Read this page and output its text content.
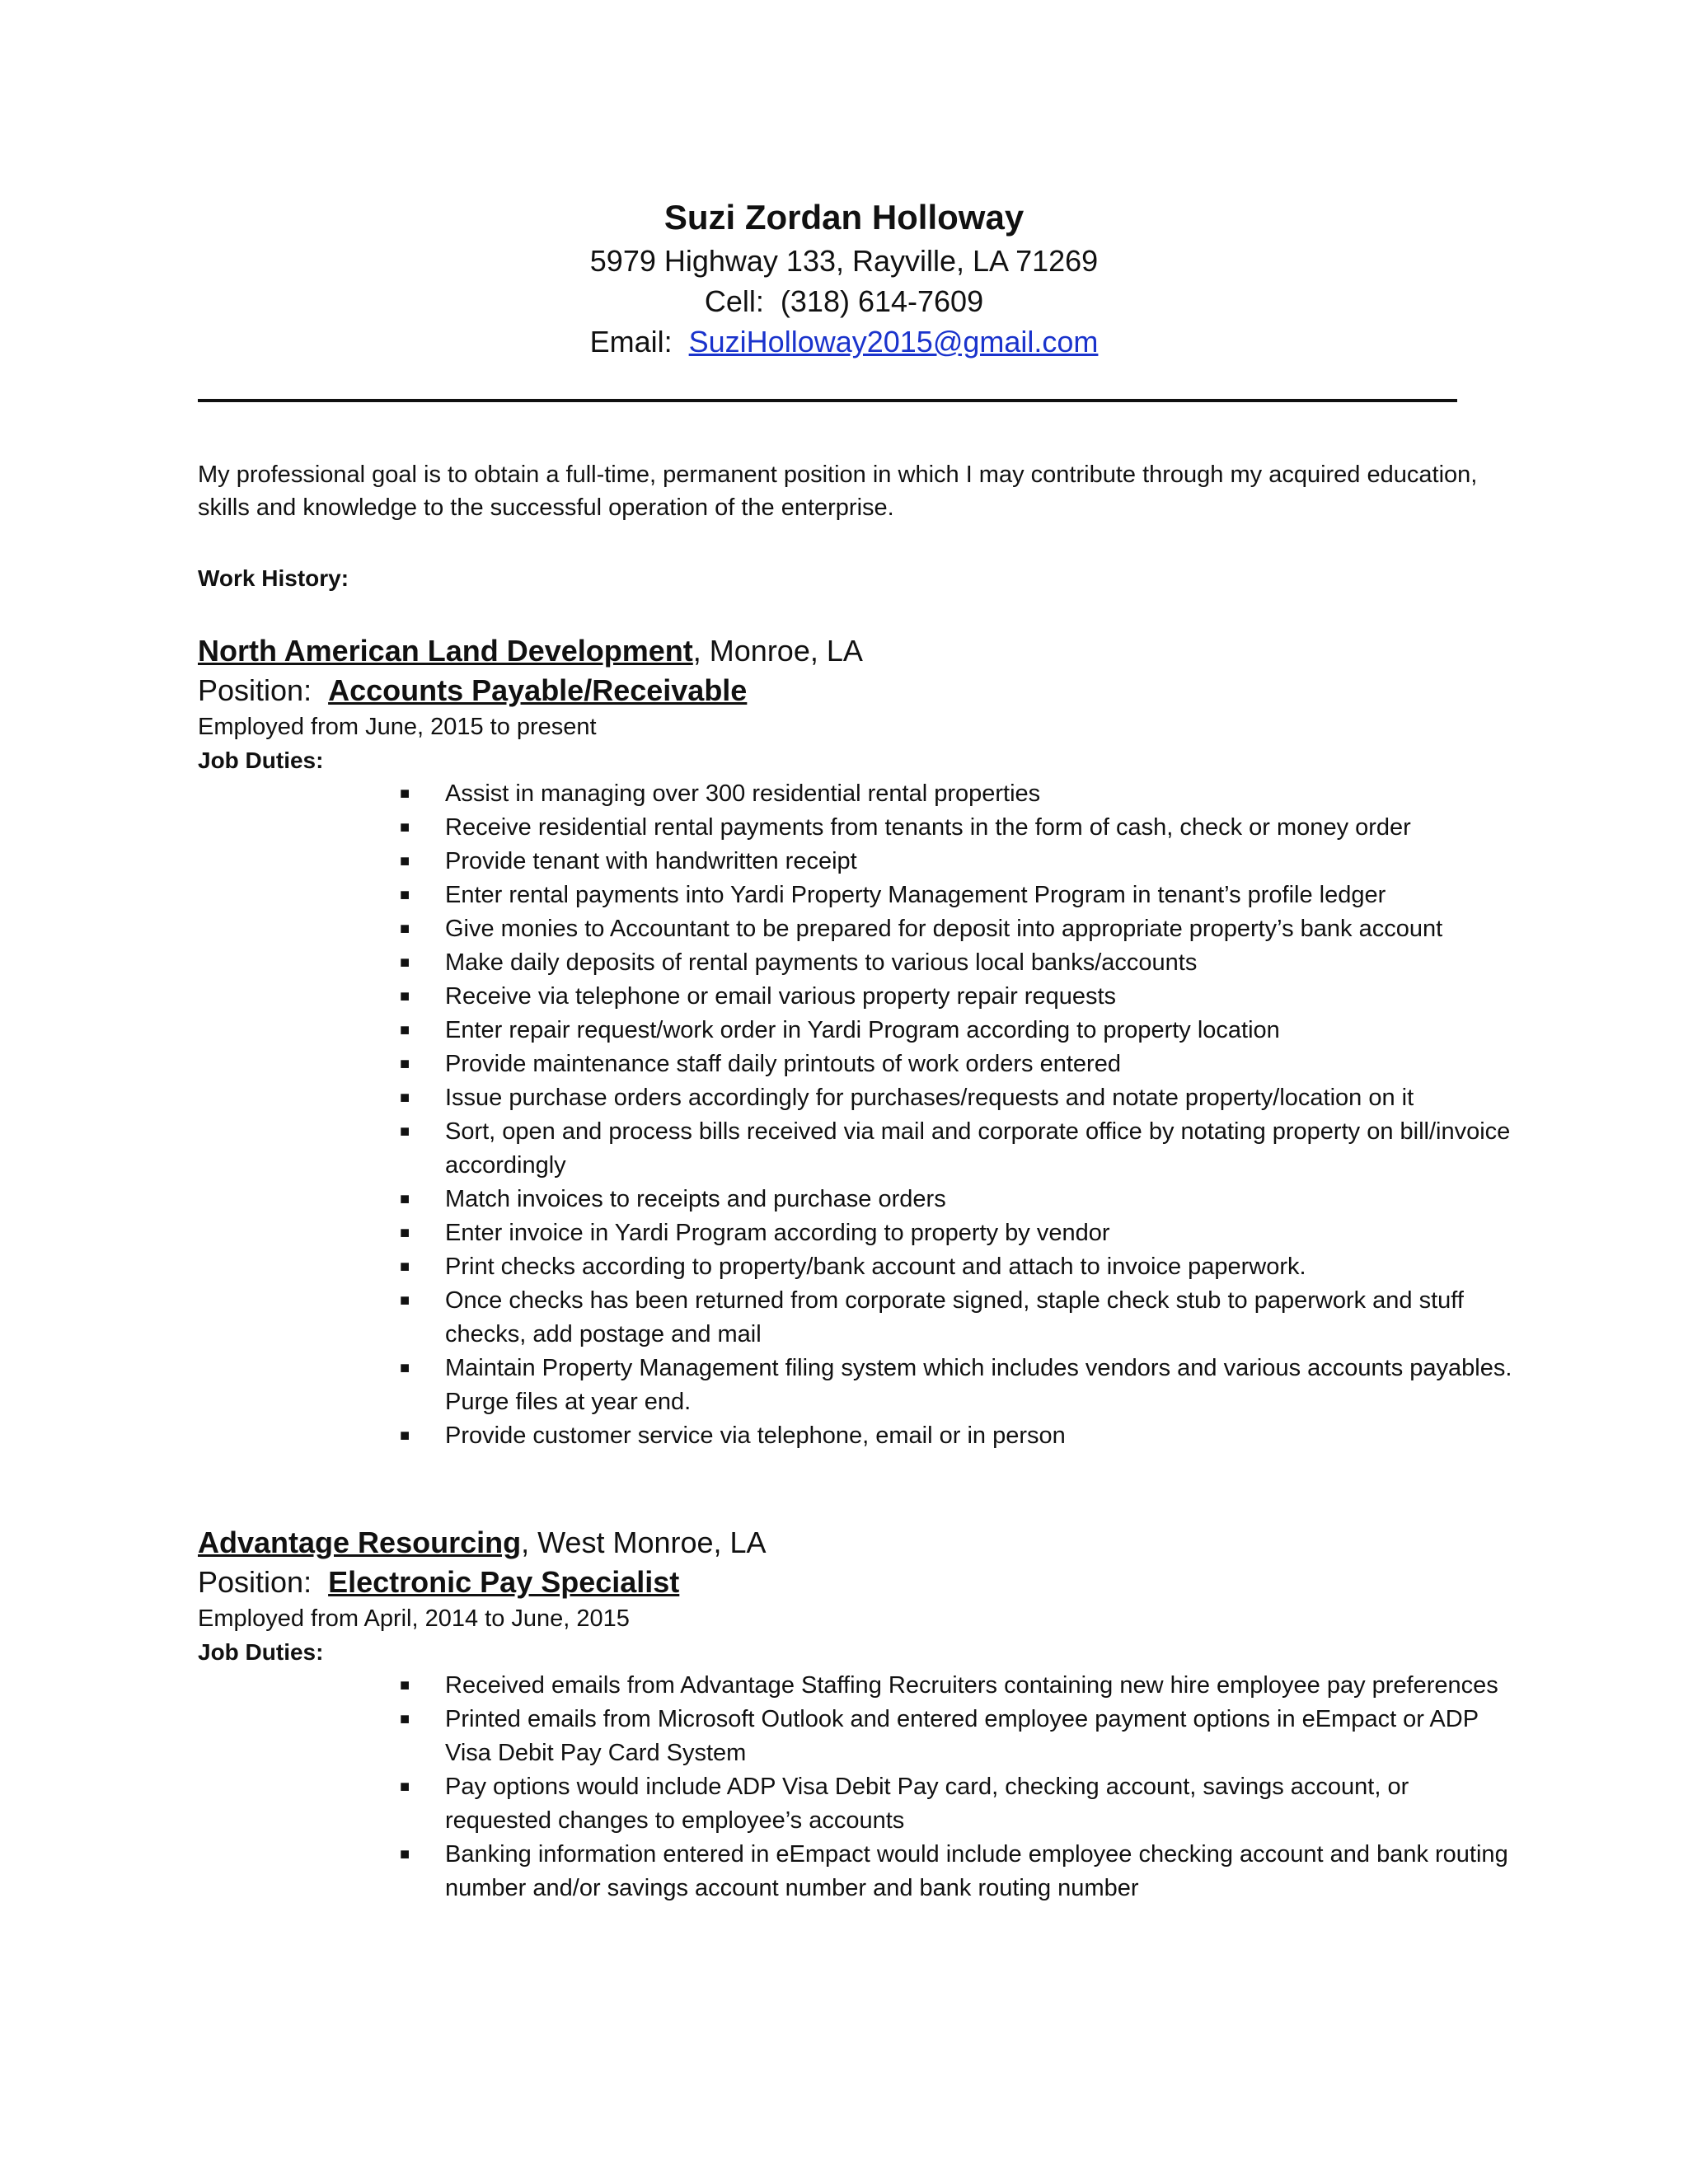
Suzi Zordan Holloway

5979 Highway 133, Rayville, LA 71269

Cell: (318) 614-7609

Email: SuziHolloway2015@gmail.com

My professional goal is to obtain a full-time, permanent position in which I may contribute through my acquired education, skills and knowledge to the successful operation of the enterprise.

Work History:

North American Land Development, Monroe, LA

Position: Accounts Payable/Receivable

Employed from June, 2015 to present

Job Duties:

■ Assist in managing over 300 residential rental properties
■ Receive residential rental payments from tenants in the form of cash, check or money order
■ Provide tenant with handwritten receipt
■ Enter rental payments into Yardi Property Management Program in tenant’s profile ledger
■ Give monies to Accountant to be prepared for deposit into appropriate property’s bank account
■ Make daily deposits of rental payments to various local banks/accounts
■ Receive via telephone or email various property repair requests
■ Enter repair request/work order in Yardi Program according to property location
■ Provide maintenance staff daily printouts of work orders entered
■ Issue purchase orders accordingly for purchases/requests and notate property/location on it
■ Sort, open and process bills received via mail and corporate office by notating property on bill/invoice accordingly
■ Match invoices to receipts and purchase orders
■ Enter invoice in Yardi Program according to property by vendor
■ Print checks according to property/bank account and attach to invoice paperwork.
■ Once checks has been returned from corporate signed, staple check stub to paperwork and stuff checks, add postage and mail
■ Maintain Property Management filing system which includes vendors and various accounts payables. Purge files at year end.
■ Provide customer service via telephone, email or in person

Advantage Resourcing, West Monroe, LA

Position: Electronic Pay Specialist

Employed from April, 2014 to June, 2015

Job Duties:

■ Received emails from Advantage Staffing Recruiters containing new hire employee pay preferences
■ Printed emails from Microsoft Outlook and entered employee payment options in eEmpact or ADP Visa Debit Pay Card System
■ Pay options would include ADP Visa Debit Pay card, checking account, savings account, or requested changes to employee’s accounts
■ Banking information entered in eEmpact would include employee checking account and bank routing number and/or savings account number and bank routing number
